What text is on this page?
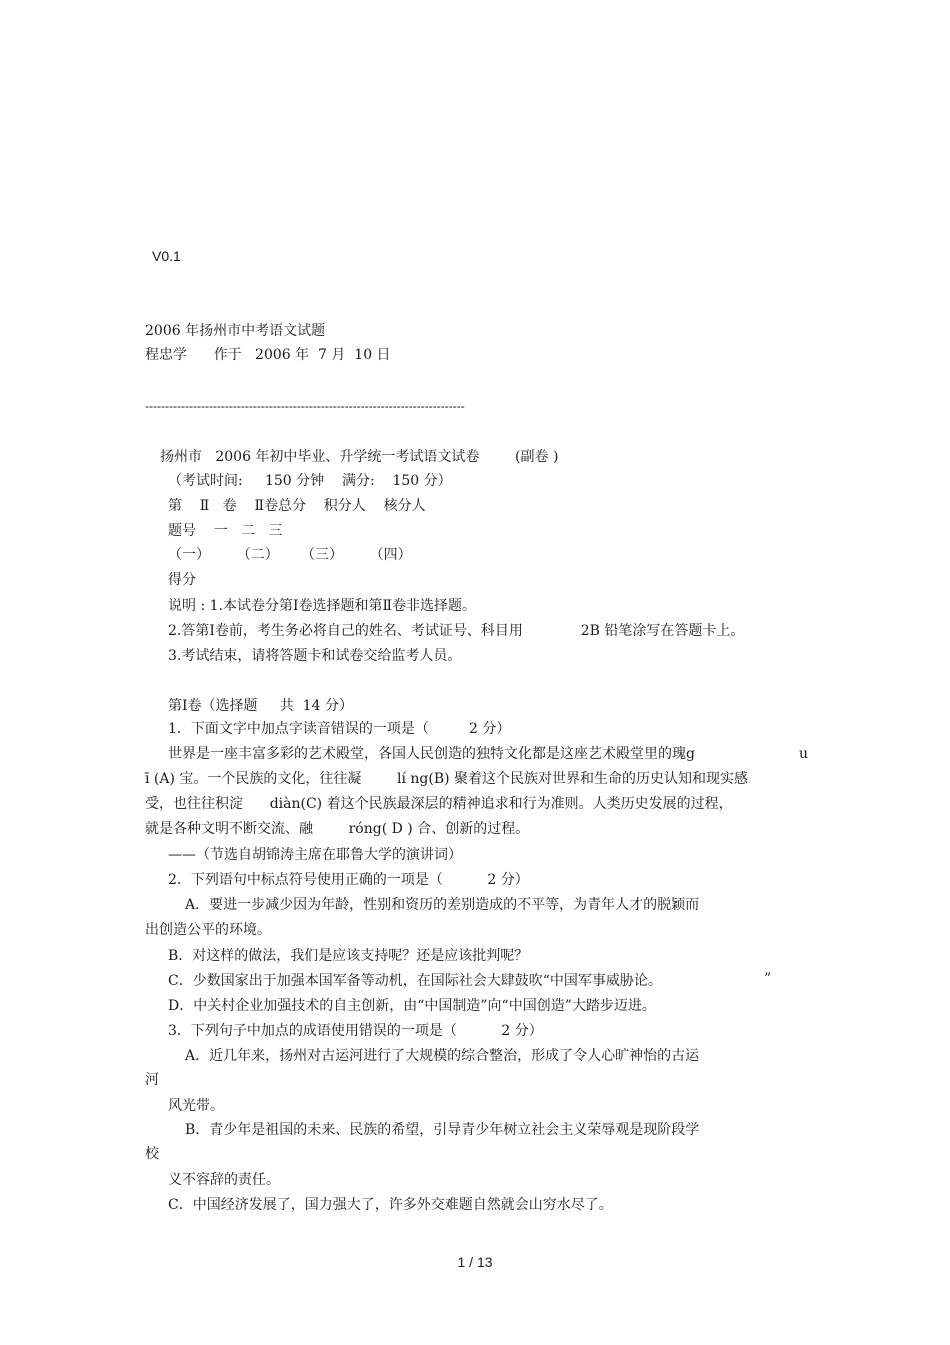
V0.1
2006 年扬州市中考语文试题
程忠学      作于   2006 年  7 月  10 日
--------------------------------------------------------------------------------
扬州市   2006 年初中毕业、升学统一考试语文试卷        (副卷 )
（考试时间:     150 分钟    满分:    150 分）
第    Ⅱ   卷    Ⅱ卷总分    积分人    核分人
题号    一   二   三
（一）      （二）     （三）      （四）
得分
说明 : 1.本试卷分第Ⅰ卷选择题和第Ⅱ卷非选择题。
2.答第Ⅰ卷前，考生务必将自己的姓名、考试证号、科目用             2B 铅笔涂写在答题卡上。
3.考试结束，请将答题卡和试卷交给监考人员。
第Ⅰ卷（选择题     共  14 分）
1．下面文字中加点字读音错误的一项是（         2 分）
世界是一座丰富多彩的艺术殿堂，各国人民创造的独特文化都是这座艺术殿堂里的瑰g	u
ī (A) 宝。一个民族的文化，往往凝        lí ng(B) 聚着这个民族对世界和生命的历史认知和现实感
受，也往往积淀      diàn(C) 着这个民族最深层的精神追求和行为准则。人类历史发展的过程，
就是各种文明不断交流、融        róng( D ) 合、创新的过程。
——（节选自胡锦涛主席在耶鲁大学的演讲词）
2．下列语句中标点符号使用正确的一项是（          2 分）
A．要进一步减少因为年龄，性别和资历的差别造成的不平等，为青年人才的脱颖而
出创造公平的环境。
B．对这样的做法，我们是应该支持呢？还是应该批判呢？
C．少数国家出于加强本国军备等动机，在国际社会大肆鼓吹“中国军事威胁论。	”
D．中关村企业加强技术的自主创新，由“中国制造”向“中国创造”大踏步迈进。
3．下列句子中加点的成语使用错误的一项是（          2 分）
A．近几年来，扬州对古运河进行了大规模的综合整治，形成了令人心旷神怡的古运
河
风光带。
B．青少年是祖国的未来、民族的希望，引导青少年树立社会主义荣辱观是现阶段学
校
义不容辞的责任。
C．中国经济发展了，国力强大了，许多外交难题自然就会山穷水尽了。
1 / 13
